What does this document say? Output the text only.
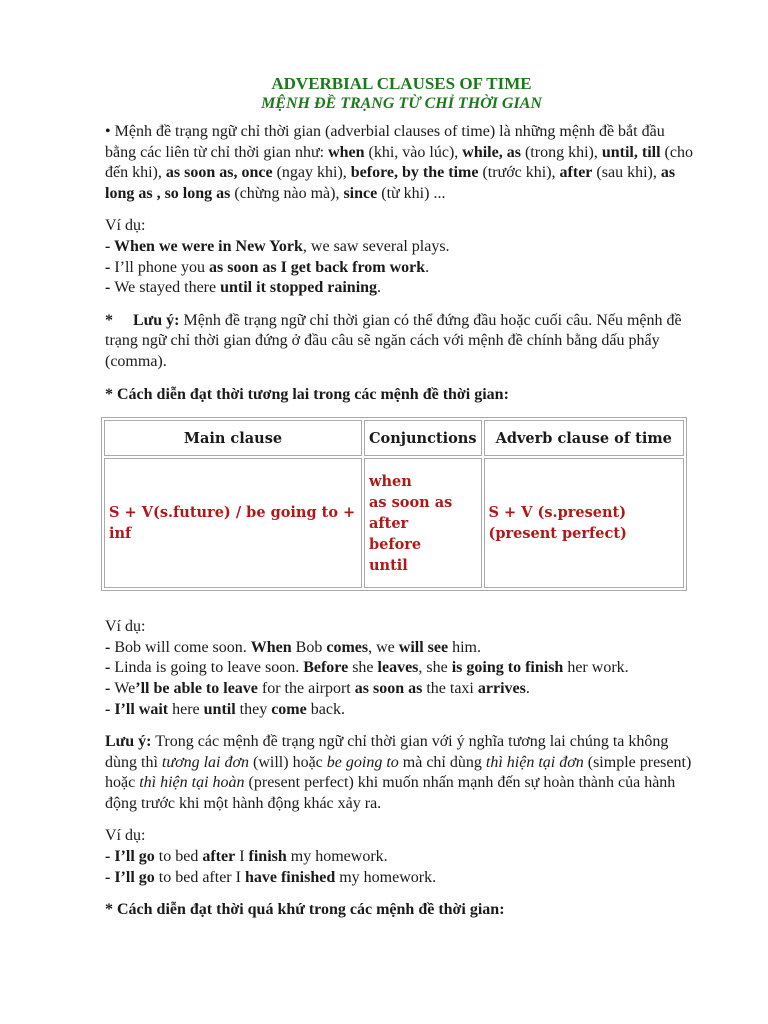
ADVERBIAL CLAUSES OF TIME
MỆNH ĐỀ TRẠNG TỪ CHỈ THỜI GIAN

• Mệnh đề trạng ngữ chỉ thời gian (adverbial clauses of time) là những mệnh đề bắt đầu bằng các liên từ chỉ thời gian như: when (khi, vào lúc), while, as (trong khi), until, till (cho đến khi), as soon as, once (ngay khi), before, by the time (trước khi), after (sau khi), as long as , so long as (chừng nào mà), since (từ khi) ...

Ví dụ:
- When we were in New York, we saw several plays.
- I’ll phone you as soon as I get back from work.
- We stayed there until it stopped raining.

*     Lưu ý: Mệnh đề trạng ngữ chỉ thời gian có thể đứng đầu hoặc cuối câu. Nếu mệnh đề trạng ngữ chỉ thời gian đứng ở đầu câu sẽ ngăn cách với mệnh đề chính bằng dấu phẩy (comma).

* Cách diễn đạt thời tương lai trong các mệnh đề thời gian:

Main clause	Conjunctions	Adverb clause of time
S + V(s.future) / be going to + inf	when
as soon as
after
before
until	S + V (s.present)(present perfect)

Ví dụ:
- Bob will come soon. When Bob comes, we will see him.
- Linda is going to leave soon. Before she leaves, she is going to finish her work.
- We’ll be able to leave for the airport as soon as the taxi arrives.
- I’ll wait here until they come back.

Lưu ý: Trong các mệnh đề trạng ngữ chỉ thời gian với ý nghĩa tương lai chúng ta không dùng thì tương lai đơn (will) hoặc be going to mà chỉ dùng thì hiện tại đơn (simple present) hoặc thì hiện tại hoàn (present perfect) khi muốn nhấn mạnh đến sự hoàn thành của hành động trước khi một hành động khác xảy ra.

Ví dụ:
- I’ll go to bed after I finish my homework.
- I’ll go to bed after I have finished my homework.

* Cách diễn đạt thời quá khứ trong các mệnh đề thời gian:
